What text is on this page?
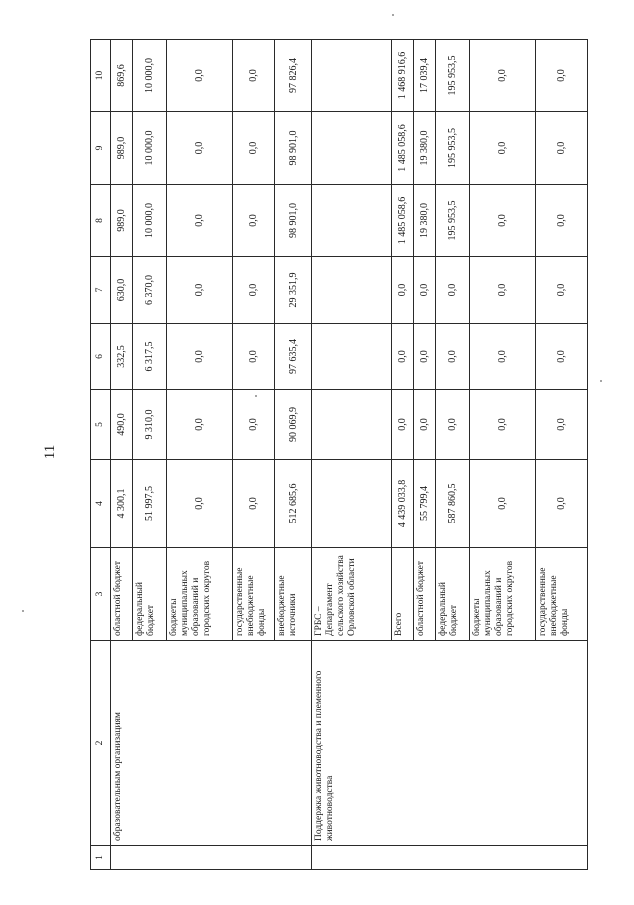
11
1	2	3	4	5	6	7	8	9	10
	образовательным организациям	областной бюджет	4 300,1	490,0	332,5	630,0	989,0	989,0	869,6
		федеральный бюджет	51 997,5	9 310,0	6 317,5	6 370,0	10 000,0	10 000,0	10 000,0
		бюджеты муниципальных образований и городских округов	0,0	0,0	0,0	0,0	0,0	0,0	0,0
		государственные внебюджетные фонды	0,0	0,0	0,0	0,0	0,0	0,0	0,0
		внебюджетные источники	512 685,6	90 069,9	97 635,4	29 351,9	98 901,0	98 901,0	97 826,4
	Поддержка животноводства и племенного животноводства	ГРБС – Департамент сельского хозяйства Орловской области							
		Всего	4 439 033,8	0,0	0,0	0,0	1 485 058,6	1 485 058,6	1 468 916,6
		областной бюджет	55 799,4	0,0	0,0	0,0	19 380,0	19 380,0	17 039,4
		федеральный бюджет	587 860,5	0,0	0,0	0,0	195 953,5	195 953,5	195 953,5
		бюджеты муниципальных образований и городских округов	0,0	0,0	0,0	0,0	0,0	0,0	0,0
		государственные внебюджетные фонды	0,0	0,0	0,0	0,0	0,0	0,0	0,0
